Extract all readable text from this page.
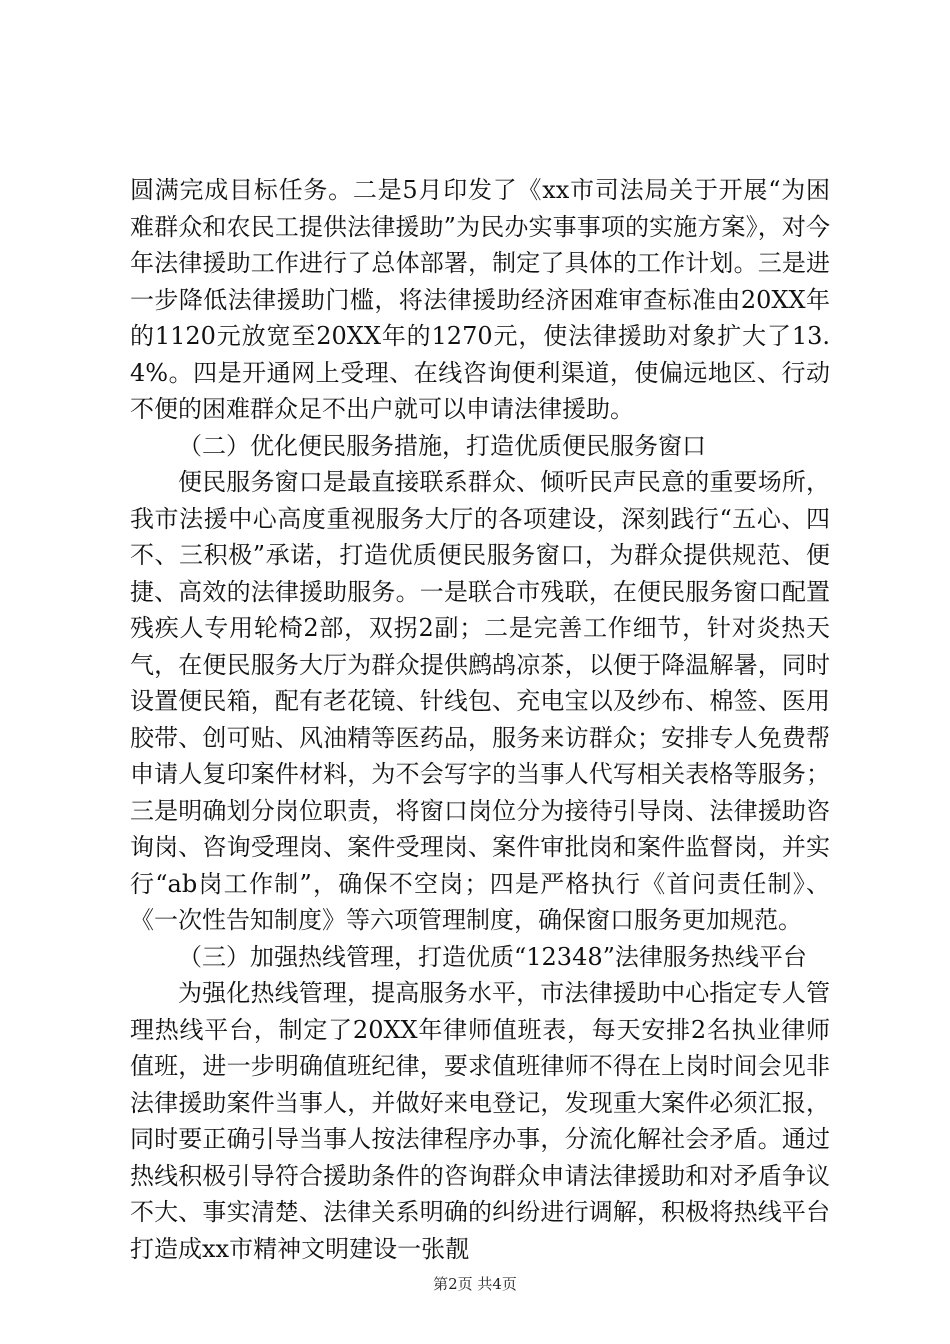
圆满完成目标任务。二是5月印发了《xx市司法局关于开展“为困难群众和农民工提供法律援助”为民办实事事项的实施方案》，对今年法律援助工作进行了总体部署，制定了具体的工作计划。三是进一步降低法律援助门槛，将法律援助经济困难审查标准由20XX年的1120元放宽至20XX年的1270元，使法律援助对象扩大了13.4%。四是开通网上受理、在线咨询便利渠道，使偏远地区、行动不便的困难群众足不出户就可以申请法律援助。

（二）优化便民服务措施，打造优质便民服务窗口

便民服务窗口是最直接联系群众、倾听民声民意的重要场所，我市法援中心高度重视服务大厅的各项建设，深刻践行“五心、四不、三积极”承诺，打造优质便民服务窗口，为群众提供规范、便捷、高效的法律援助服务。一是联合市残联，在便民服务窗口配置残疾人专用轮椅2部，双拐2副；二是完善工作细节，针对炎热天气，在便民服务大厅为群众提供鹧鸪凉茶，以便于降温解暑，同时设置便民箱，配有老花镜、针线包、充电宝以及纱布、棉签、医用胶带、创可贴、风油精等医药品，服务来访群众；安排专人免费帮申请人复印案件材料，为不会写字的当事人代写相关表格等服务；三是明确划分岗位职责，将窗口岗位分为接待引导岗、法律援助咨询岗、咨询受理岗、案件受理岗、案件审批岗和案件监督岗，并实行“ab岗工作制”，确保不空岗；四是严格执行《首问责任制》、《一次性告知制度》等六项管理制度，确保窗口服务更加规范。

（三）加强热线管理，打造优质“12348”法律服务热线平台

为强化热线管理，提高服务水平，市法律援助中心指定专人管理热线平台，制定了20XX年律师值班表，每天安排2名执业律师值班，进一步明确值班纪律，要求值班律师不得在上岗时间会见非法律援助案件当事人，并做好来电登记，发现重大案件必须汇报，同时要正确引导当事人按法律程序办事，分流化解社会矛盾。通过热线积极引导符合援助条件的咨询群众申请法律援助和对矛盾争议不大、事实清楚、法律关系明确的纠纷进行调解，积极将热线平台打造成xx市精神文明建设一张靓

第2页 共4页
